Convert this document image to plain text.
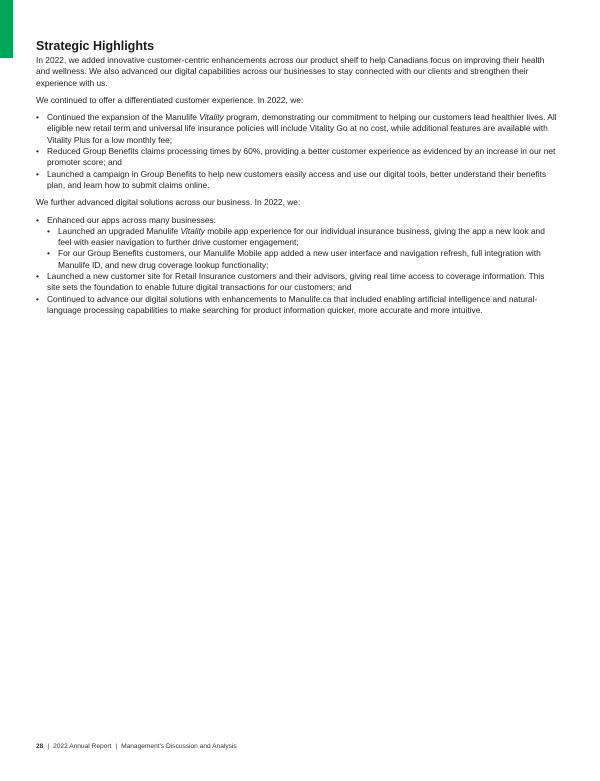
Strategic Highlights

In 2022, we added innovative customer-centric enhancements across our product shelf to help Canadians focus on improving their health and wellness. We also advanced our digital capabilities across our businesses to stay connected with our clients and strengthen their experience with us.

We continued to offer a differentiated customer experience. In 2022, we:

• Continued the expansion of the Manulife Vitality program, demonstrating our commitment to helping our customers lead healthier lives. All eligible new retail term and universal life insurance policies will include Vitality Go at no cost, while additional features are available with Vitality Plus for a low monthly fee;
• Reduced Group Benefits claims processing times by 60%, providing a better customer experience as evidenced by an increase in our net promoter score; and
• Launched a campaign in Group Benefits to help new customers easily access and use our digital tools, better understand their benefits plan, and learn how to submit claims online.

We further advanced digital solutions across our business. In 2022, we:

• Enhanced our apps across many businesses:
• Launched an upgraded Manulife Vitality mobile app experience for our individual insurance business, giving the app a new look and feel with easier navigation to further drive customer engagement;
• For our Group Benefits customers, our Manulife Mobile app added a new user interface and navigation refresh, full integration with Manulife ID, and new drug coverage lookup functionality;
• Launched a new customer site for Retail Insurance customers and their advisors, giving real time access to coverage information. This site sets the foundation to enable future digital transactions for our customers; and
• Continued to advance our digital solutions with enhancements to Manulife.ca that included enabling artificial intelligence and natural-language processing capabilities to make searching for product information quicker, more accurate and more intuitive.
28 | 2022 Annual Report | Management's Discussion and Analysis
